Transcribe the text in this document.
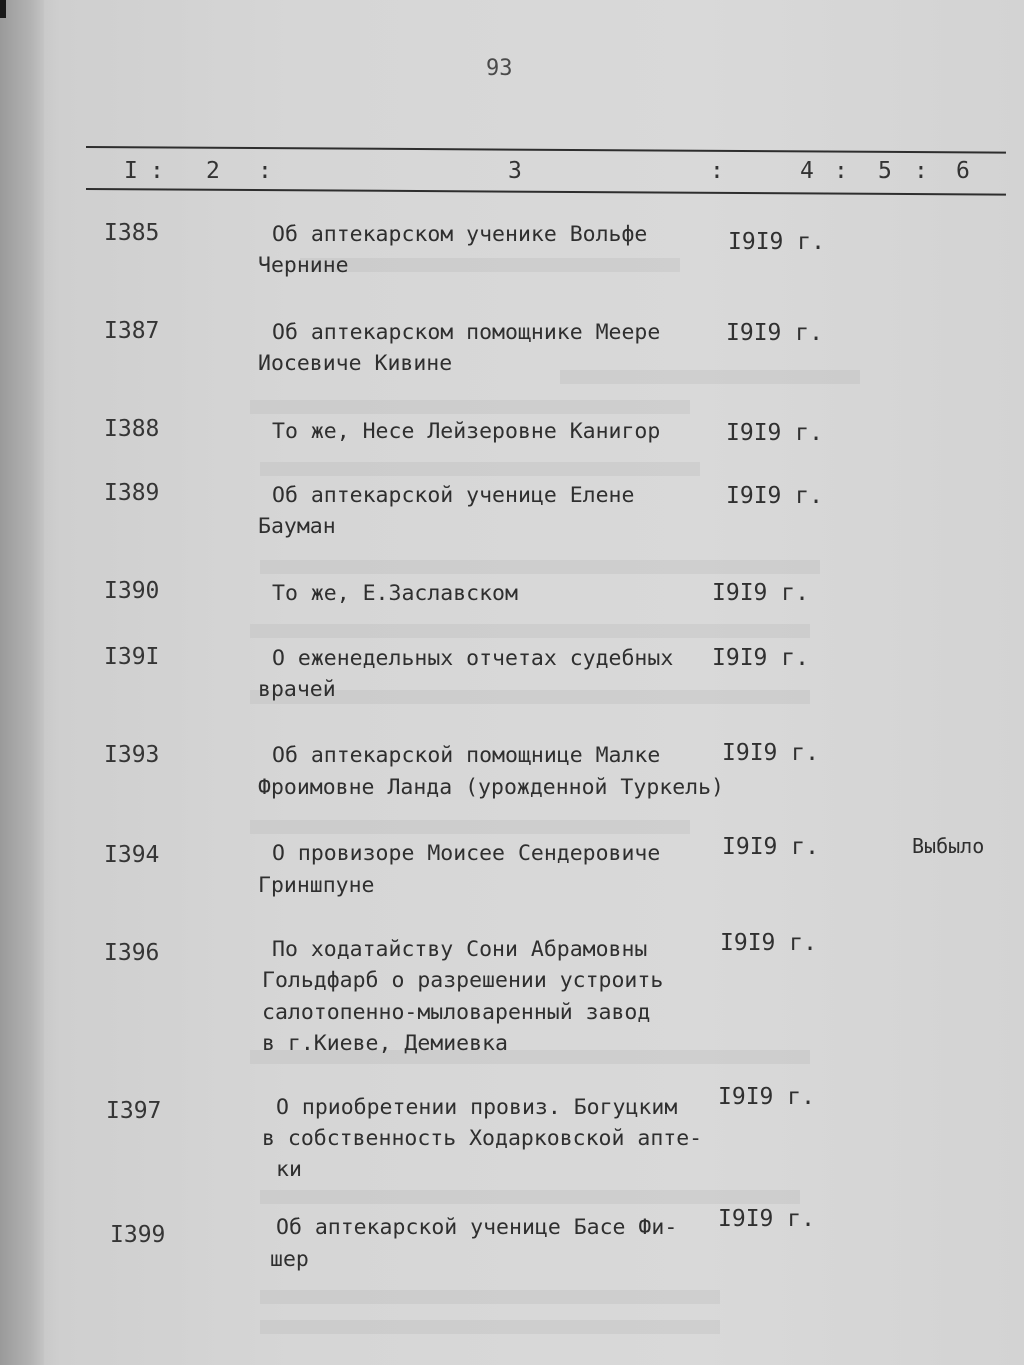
93
I : 2 :	3	:	4 : 5 : 6
I385	Об аптекарском ученике Вольфе
Чернине
I9I9 г.
I387	Об аптекарском помощнике Меере
Иосевиче Кивине
I9I9 г.
I388	То же, Несе Лейзеровне Канигор	I9I9 г.
I389	Об аптекарской ученице Елене
Бауман
I9I9 г.
I390	То же, Е.Заславском	I9I9 г.
I39I	О еженедельных отчетах судебных
врачей
I9I9 г.
I393	Об аптекарской помощнице Малке
Фроимовне Ланда (урожденной Туркель)
I9I9 г.
I394	О провизоре Моисее Сендеровиче
Гриншпуне
I9I9 г.	Выбыло
I396	По ходатайству Сони Абрамовны
Гольдфарб о разрешении устроить
салотопенно-мыловаренный завод
в г.Киеве, Демиевка
I9I9 г.
I397	О приобретении провиз. Богуцким
в собственность Ходарковской апте-
ки
I9I9 г.
I399	Об аптекарской ученице Басе Фи-
шер
I9I9 г.
